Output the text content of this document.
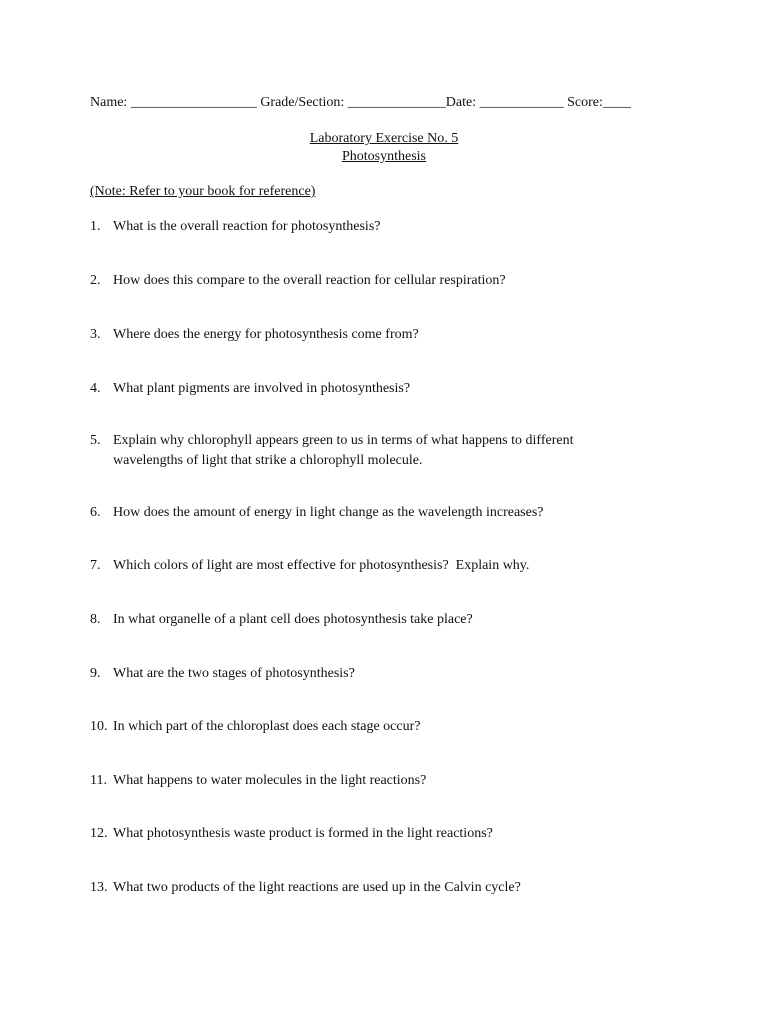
Name: __________________ Grade/Section: ______________Date: ____________ Score:____
Laboratory Exercise No. 5
Photosynthesis
(Note: Refer to your book for reference)
1. What is the overall reaction for photosynthesis?
2. How does this compare to the overall reaction for cellular respiration?
3. Where does the energy for photosynthesis come from?
4. What plant pigments are involved in photosynthesis?
5. Explain why chlorophyll appears green to us in terms of what happens to different wavelengths of light that strike a chlorophyll molecule.
6. How does the amount of energy in light change as the wavelength increases?
7. Which colors of light are most effective for photosynthesis?  Explain why.
8. In what organelle of a plant cell does photosynthesis take place?
9. What are the two stages of photosynthesis?
10. In which part of the chloroplast does each stage occur?
11. What happens to water molecules in the light reactions?
12. What photosynthesis waste product is formed in the light reactions?
13. What two products of the light reactions are used up in the Calvin cycle?
